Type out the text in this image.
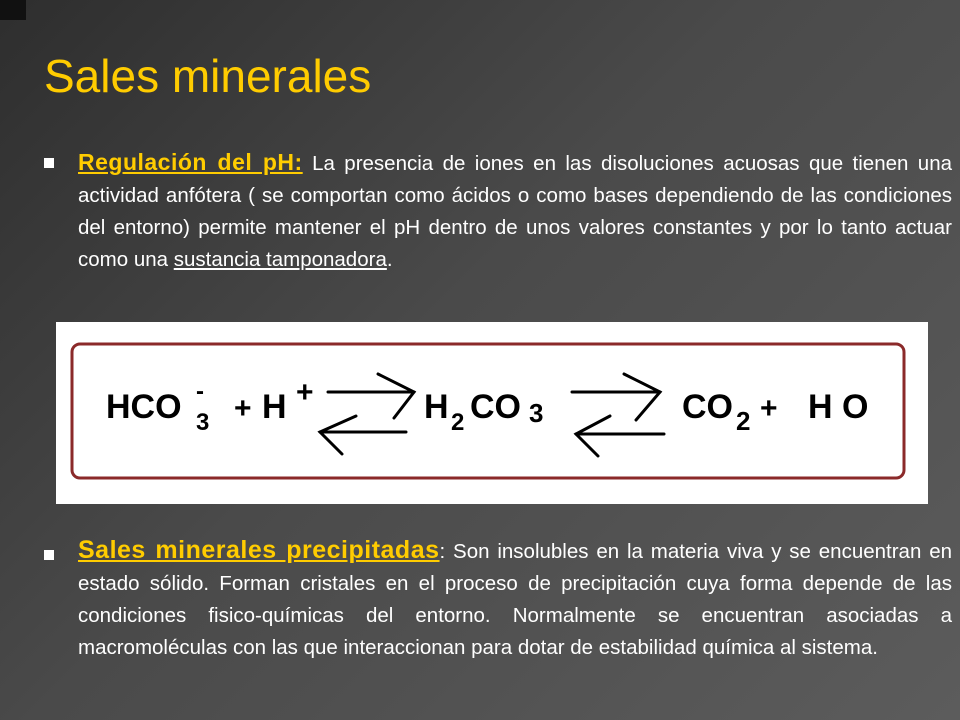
Sales minerales
Regulación del pH: La presencia de iones en las disoluciones acuosas que tienen una actividad anfótera ( se comportan como ácidos o como bases dependiendo de las condiciones del entorno) permite mantener el pH dentro de unos valores constantes y por lo tanto actuar como una sustancia tamponadora.
HCO -
3 + H +	H 2 CO 3	CO 2 + H O
Sales minerales precipitadas: Son insolubles en la materia viva y se encuentran en estado sólido. Forman cristales en el proceso de precipitación cuya forma depende de las condiciones fisico-químicas del entorno. Normalmente se encuentran asociadas a macromoléculas con las que interaccionan para dotar de estabilidad química al sistema.
